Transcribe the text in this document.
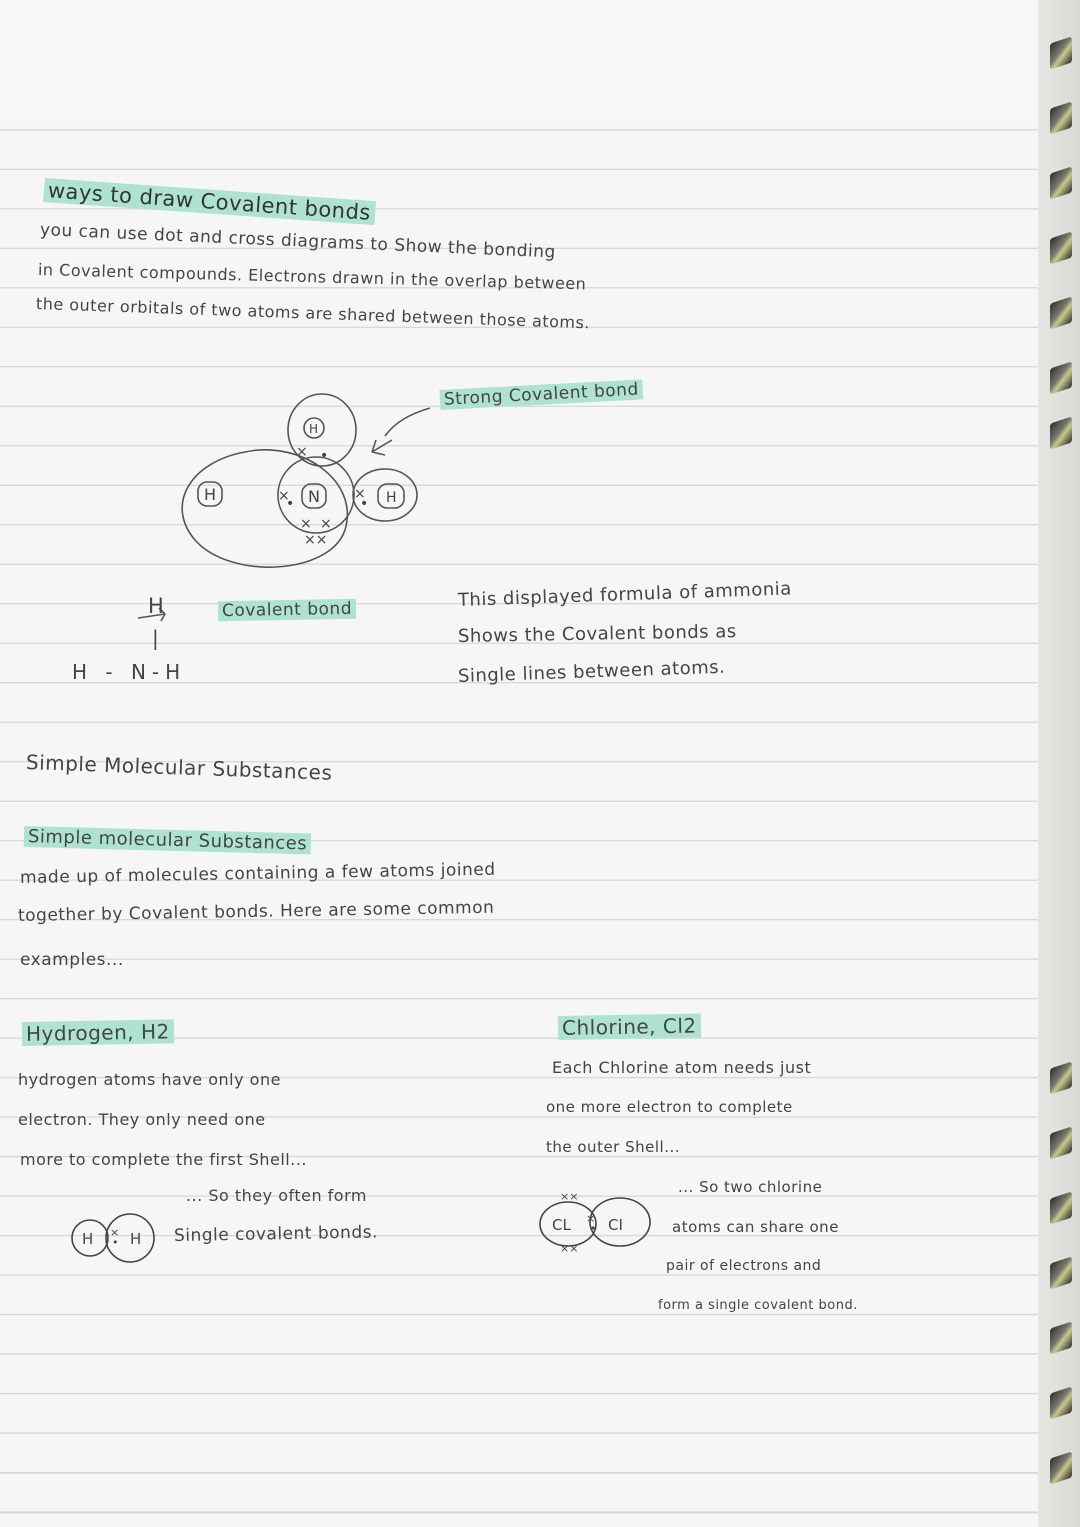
ways to draw Covalent bonds
you can use dot and cross diagrams to Show the bonding
in Covalent compounds. Electrons drawn in the overlap between
the outer orbitals of two atoms are shared between those atoms.
Strong Covalent bond
H
H
N	H
× •
×
•
×
•
× ×
××
H
|
H - N-H
Covalent bond	This displayed formula of ammonia
Shows the Covalent bonds as
Single lines between atoms.
Simple Molecular Substances
Simple molecular Substances
made up of molecules containing a few atoms joined
together by Covalent bonds. Here are some common
examples...
Hydrogen, H2
hydrogen atoms have only one
electron. They only need one
more to complete the first Shell...
... So they often form
Single covalent bonds.
Chlorine, Cl2
Each Chlorine atom needs just
one more electron to complete
the outer Shell...
... So two chlorine
atoms can share one
pair of electrons and
form a single covalent bond.
H H
×
•
CL CI
×
•
××
××
